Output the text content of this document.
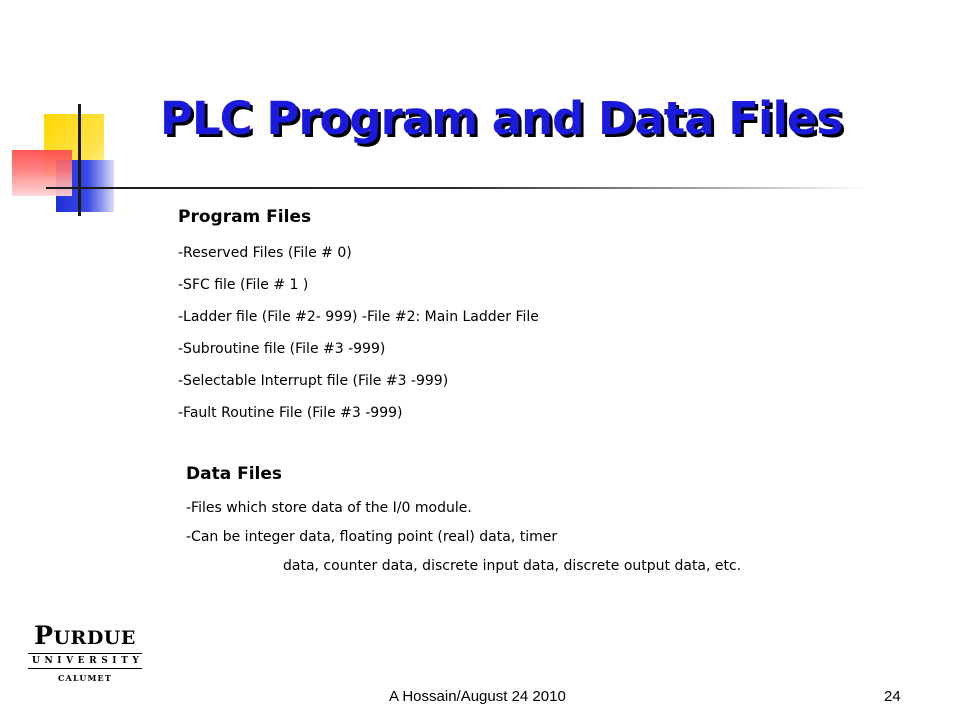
PLC Program and Data Files
Program Files
-Reserved Files (File # 0)
-SFC file (File # 1 )
-Ladder file (File #2- 999) -File #2: Main Ladder File
-Subroutine file (File #3 -999)
-Selectable Interrupt file (File #3 -999)
-Fault Routine File (File #3 -999)
Data Files
-Files which store data of the I/0 module.
-Can be integer data, floating point (real) data, timer
data, counter data, discrete input data, discrete output data, etc.
PURDUE
UNIVERSITY
CALUMET
A Hossain/August 24 2010	24
